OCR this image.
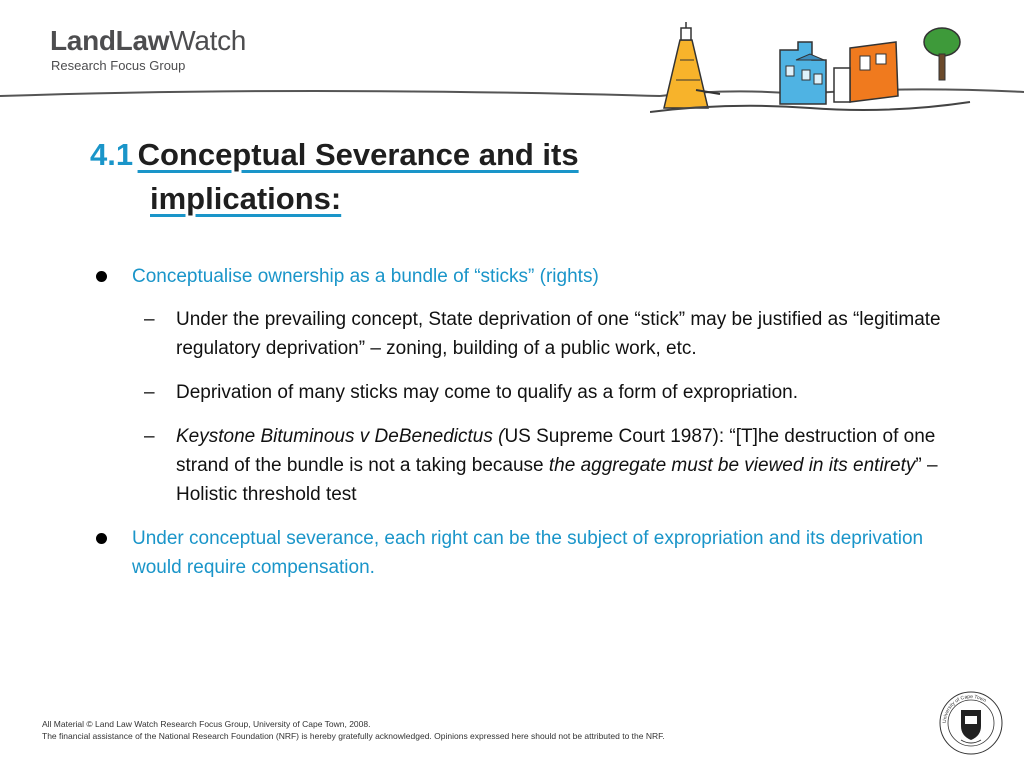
LandLawWatch
Research Focus Group
4.1 Conceptual Severance and its
implications:
Conceptualise ownership as a bundle of “sticks” (rights)
– Under the prevailing concept, State deprivation of one “stick” may be justified as “legitimate regulatory deprivation” – zoning, building of a public work, etc.
– Deprivation of many sticks may come to qualify as a form of expropriation.
– Keystone Bituminous v DeBenedictus (US Supreme Court 1987): “[T]he destruction of one strand of the bundle is not a taking because the aggregate must be viewed in its entirety” – Holistic threshold test
Under conceptual severance, each right can be the subject of expropriation and its deprivation would require compensation.
All Material © Land Law Watch Research Focus Group, University of Cape Town, 2008.
The financial assistance of the National Research Foundation (NRF) is hereby gratefully acknowledged. Opinions expressed here should not be attributed to the NRF.
University of Cape Town
